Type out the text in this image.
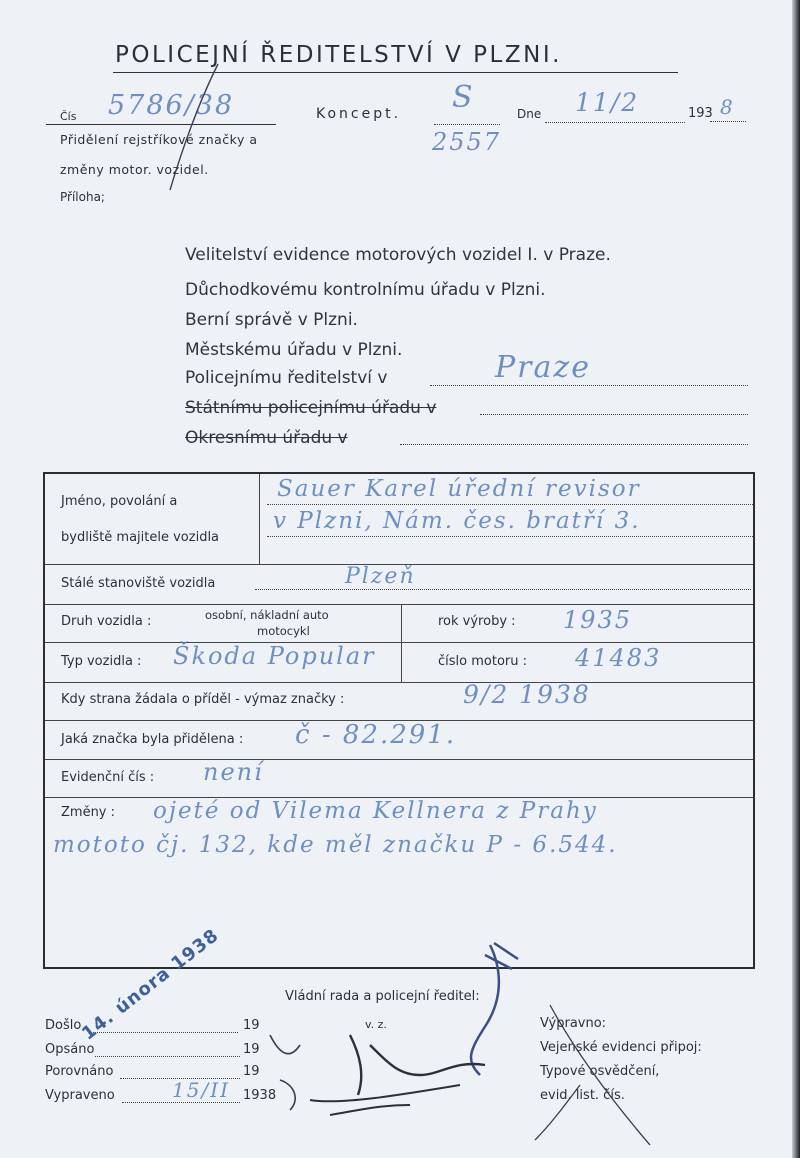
POLICEJNÍ ŘEDITELSTVÍ V PLZNI.
Čís 5786/38	Koncept. S
2557
Dne 11/2	193 8
Přidělení rejstříkové značky a
změny motor. vozidel.
Příloha;
Velitelství evidence motorových vozidel I. v Praze.
Důchodkovému kontrolnímu úřadu v Plzni.
Berní správě v Plzni.
Městskému úřadu v Plzni.
Policejnímu ředitelství v	Praze
Státnímu policejnímu úřadu v
Okresnímu úřadu v
Jméno, povolání a
bydliště majitele vozidla
Sauer Karel úřední revisor
v Plzni, Nám. čes. bratří 3.
Stálé stanoviště vozidla	Plzeň
Druh vozidla :	osobní, nákladní auto
motocykl
rok výroby : 1935
Typ vozidla : Škoda Popular	číslo motoru : 41483
Kdy strana žádala o příděl - výmaz značky :	9/2 1938
Jaká značka byla přidělena : č - 82.291.
Evidenční čís : není
Změny : ojeté od Vilema Kellnera z Prahy
mototo čj. 132, kde měl značku P - 6.544.
Vládní rada a policejní ředitel:
v. z.
Došlo	19
Opsáno	19
Porovnáno	19
Vypraveno	15/II 1938
14. února 1938	Výpravno:
Vejenské evidenci připoj:
Typové osvědčení,
evid. list. čís.
